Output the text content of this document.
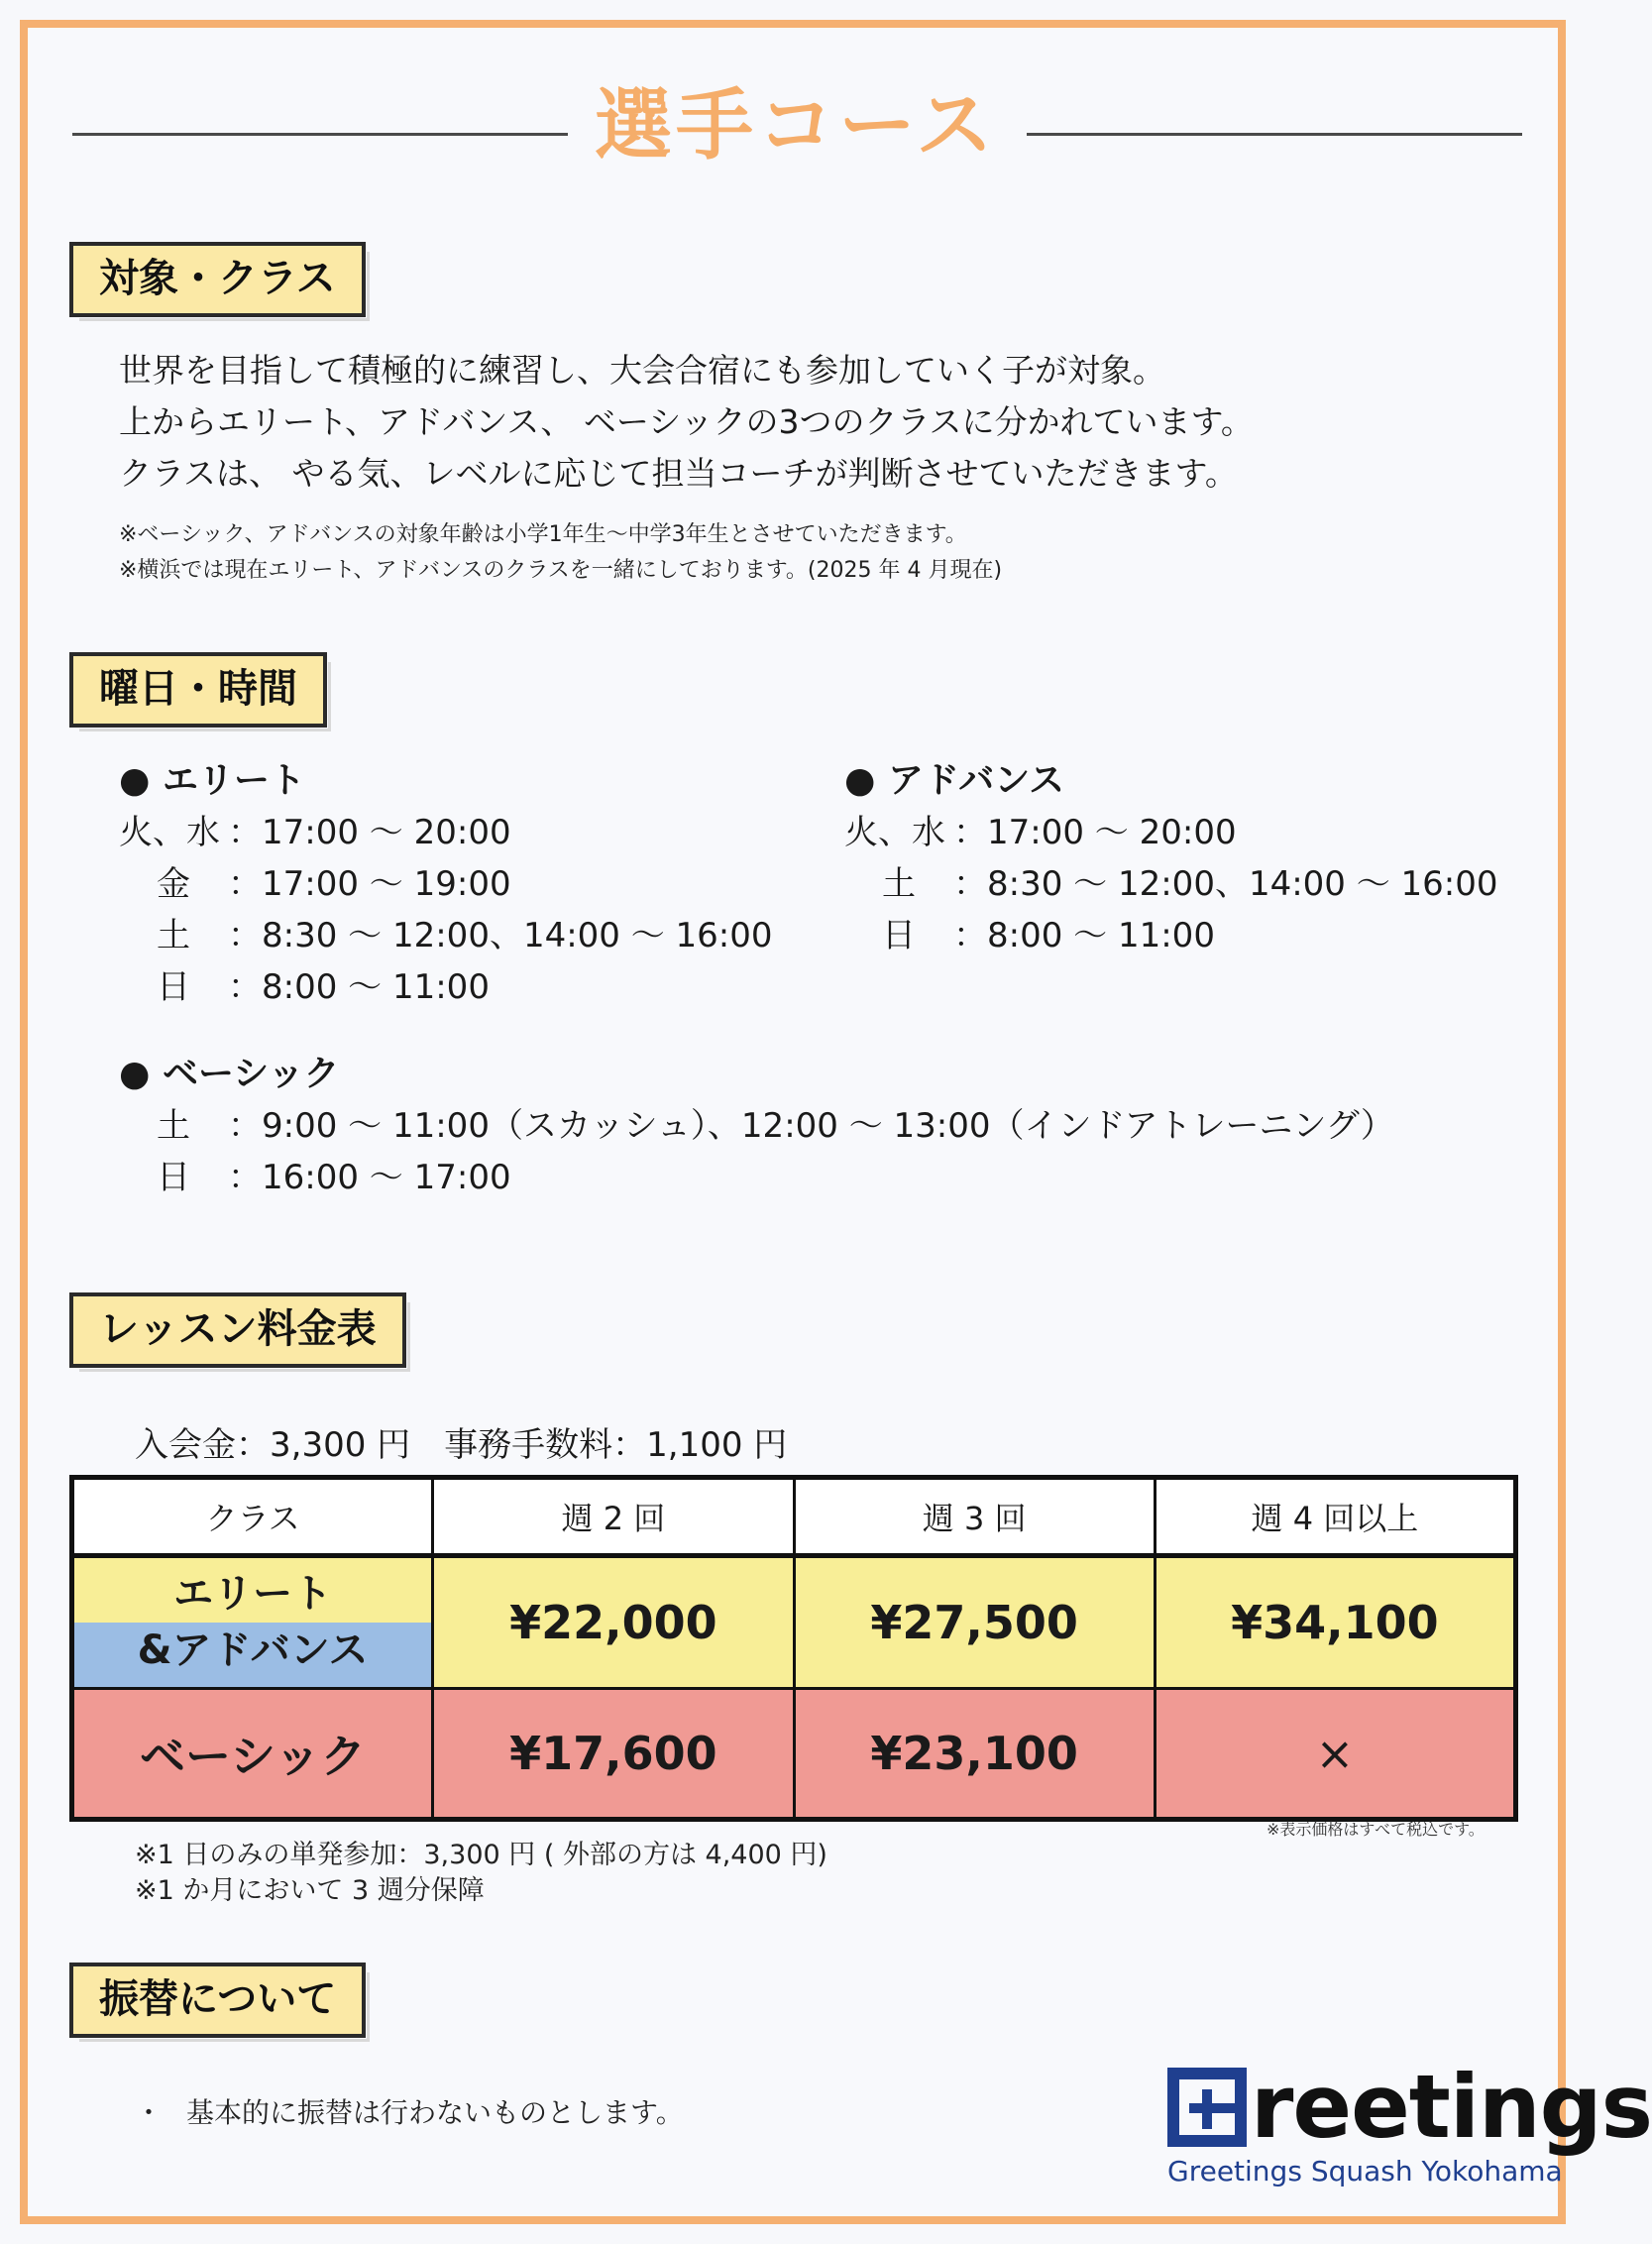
選手コース
対象・クラス
世界を目指して積極的に練習し、大会合宿にも参加していく子が対象。
上からエリート、アドバンス、 ベーシックの3つのクラスに分かれています。
クラスは、 やる気、レベルに応じて担当コーチが判断させていただきます。
※ベーシック、アドバンスの対象年齢は小学1年生〜中学3年生とさせていただきます。
※横浜では現在エリート、アドバンスのクラスを一緒にしております。(2025 年 4 月現在)
曜日・時間
● エリート
火、水 ：17:00 〜 20:00
金	：17:00 〜 19:00
土	：8:30 〜 12:00、14:00 〜 16:00
日	：8:00 〜 11:00
● アドバンス
火、水 ：17:00 〜 20:00
土	：8:30 〜 12:00、14:00 〜 16:00
日	：8:00 〜 11:00
● ベーシック
土	：9:00 〜 11:00（スカッシュ）、12:00 〜 13:00（インドアトレーニング）
日	：16:00 〜 17:00
レッスン料金表
入会金：3,300 円　事務手数料：1,100 円
クラス	週 2 回	週 3 回	週 4 回以上

エリート
&アドバンス	¥22,000	¥27,500	¥34,100
ベーシック	¥17,600	¥23,100	×
※表示価格はすべて税込です。
※1 日のみの単発参加：3,300 円 ( 外部の方は 4,400 円)
※1 か月において 3 週分保障
振替について
・ 基本的に振替は行わないものとします。	reetings
Greetings Squash Yokohama
